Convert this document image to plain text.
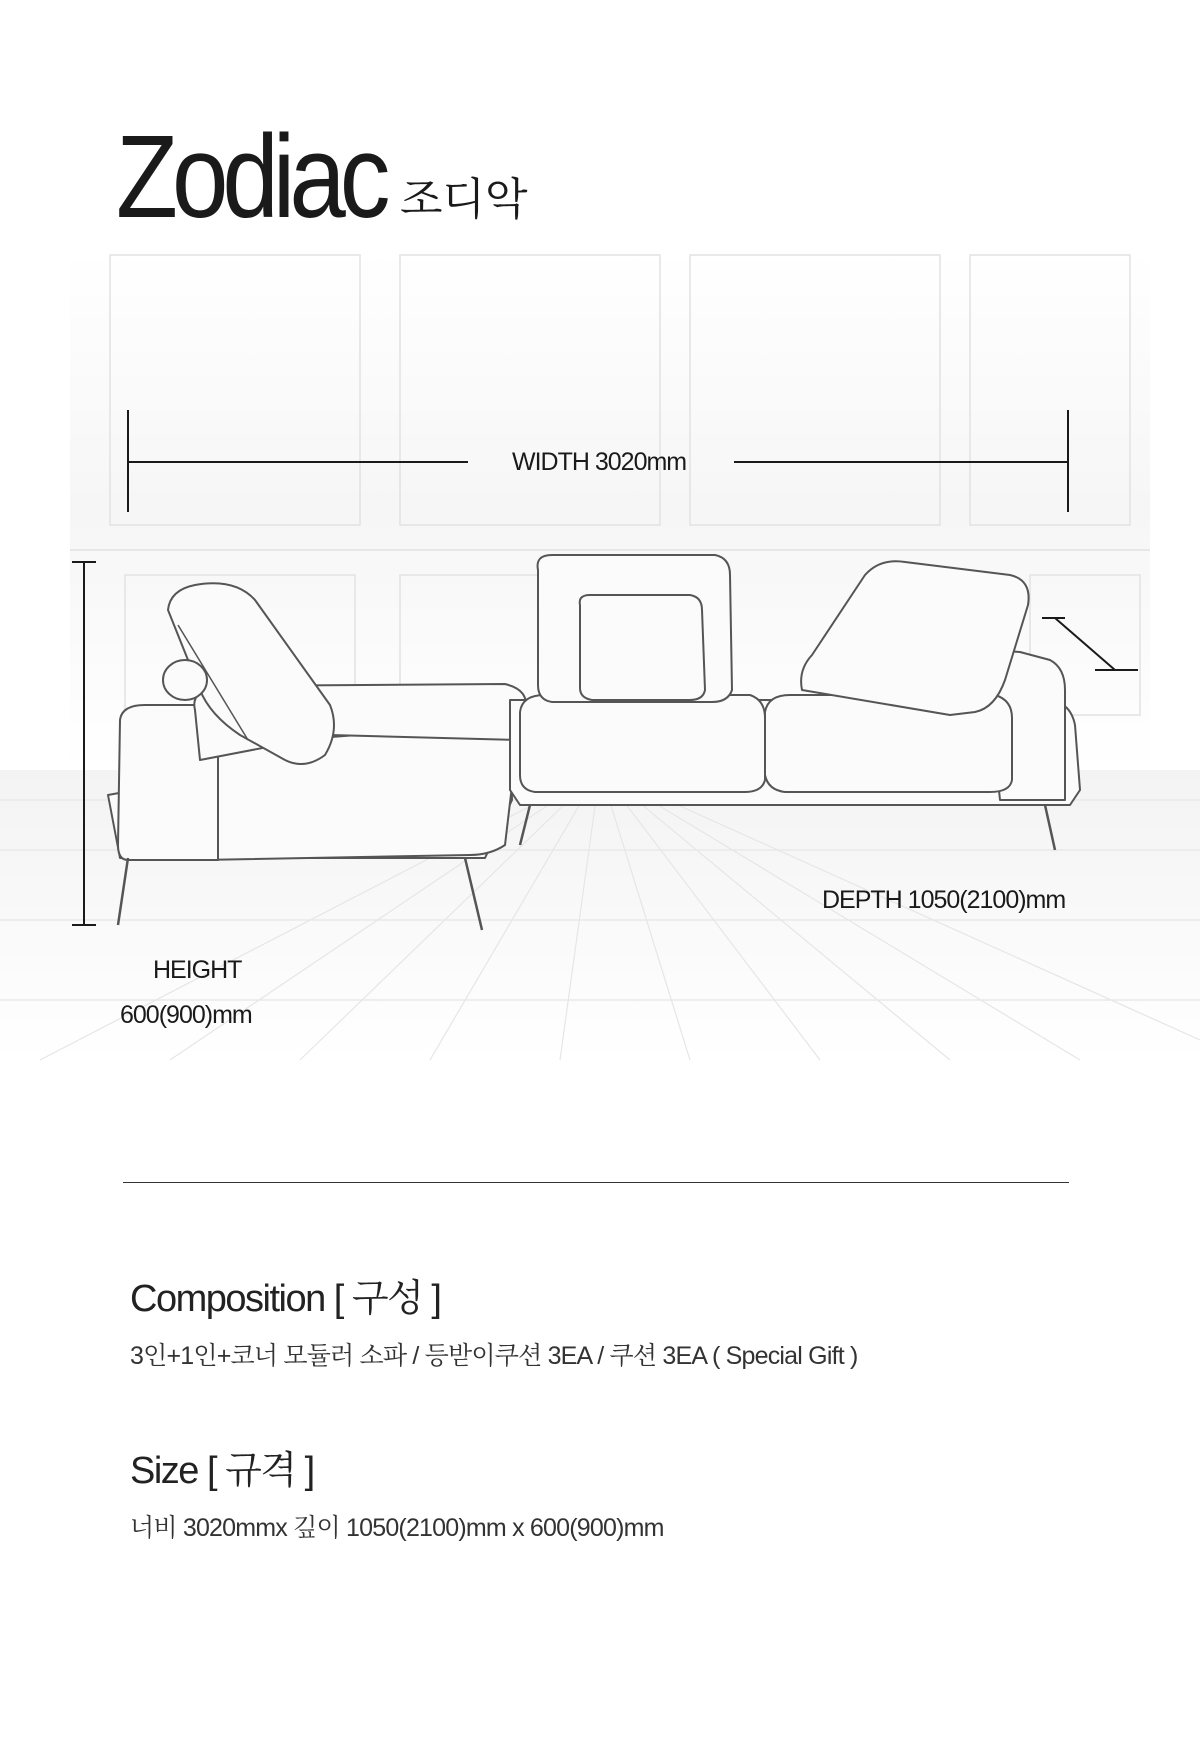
Zodiac 조디악
WIDTH 3020mm
DEPTH 1050(2100)mm
HEIGHT
600(900)mm
Composition [ 구성 ]
3인+1인+코너 모듈러 소파 / 등받이쿠션 3EA / 쿠션 3EA ( Special Gift )
Size [ 규격 ]
너비 3020mmx 깊이 1050(2100)mm x 600(900)mm
